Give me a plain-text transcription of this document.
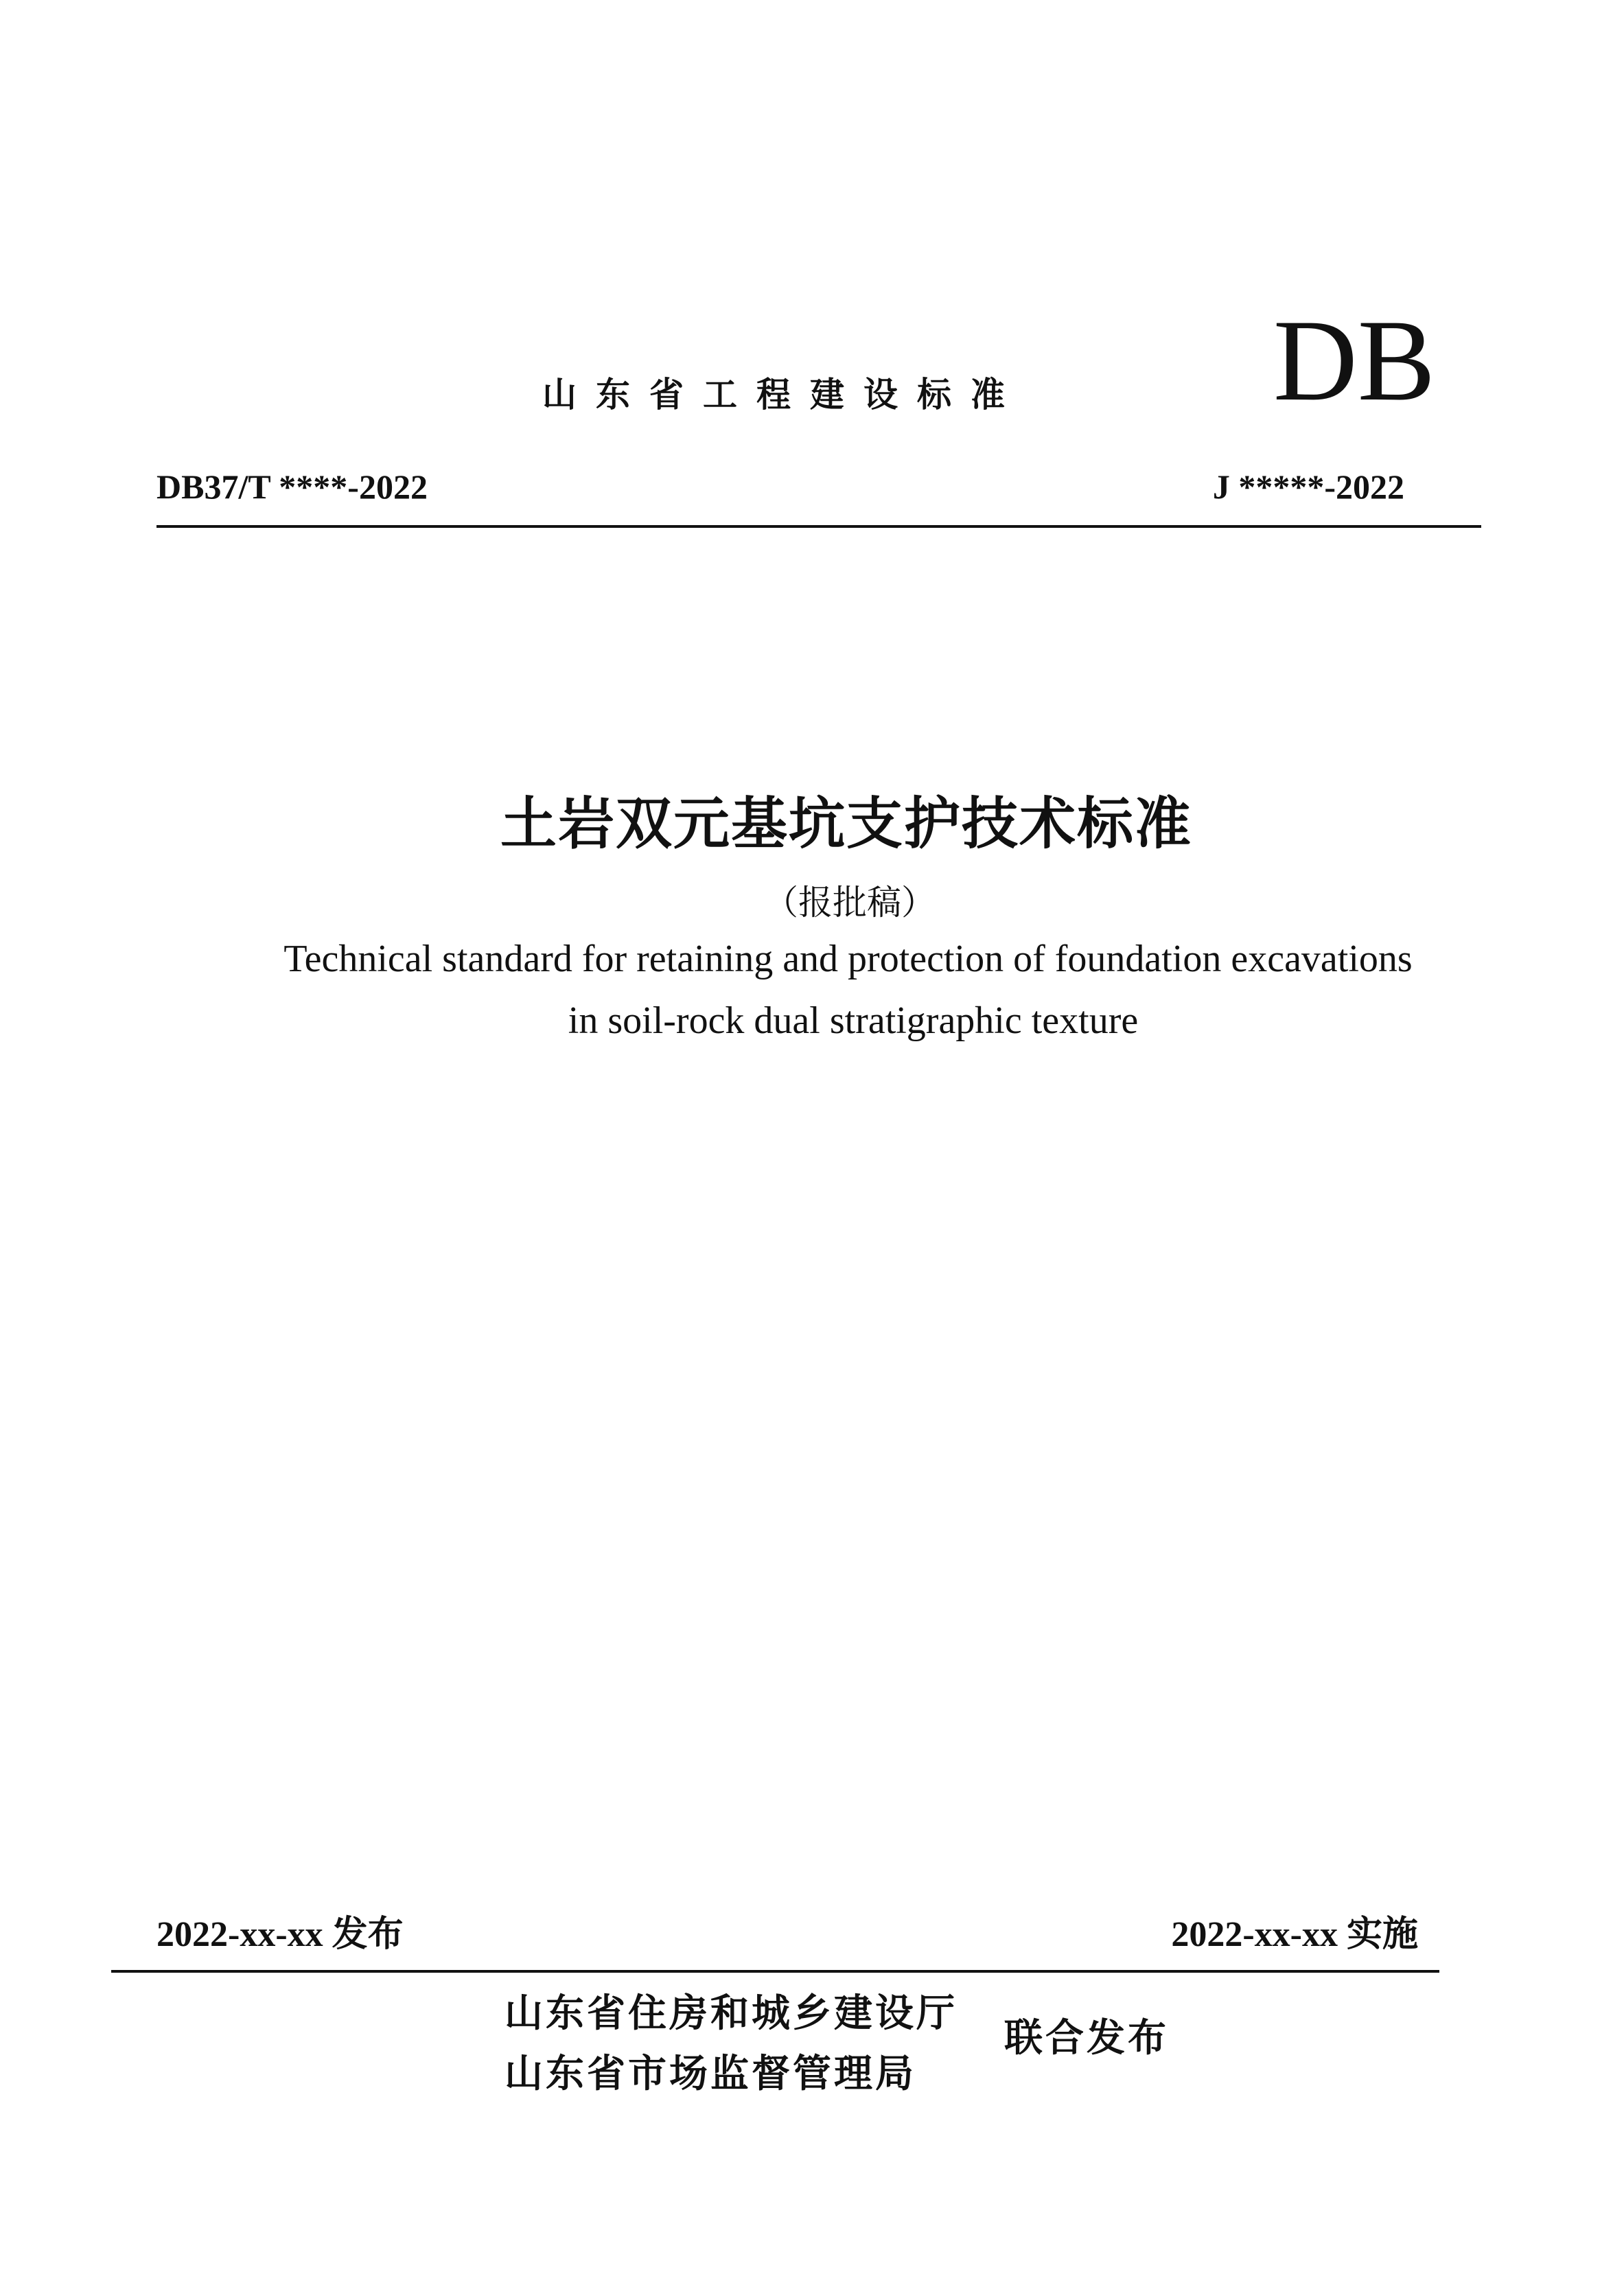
山东省工程建设标准 DB
DB37/T ****-2022	J *****-2022
土岩双元基坑支护技术标准
（报批稿）
Technical standard for retaining and protection of foundation excavations
in soil-rock dual stratigraphic texture
2022-xx-xx 发布	2022-xx-xx 实施
山东省住房和城乡建设厅
山东省市场监督管理局
联合发布
